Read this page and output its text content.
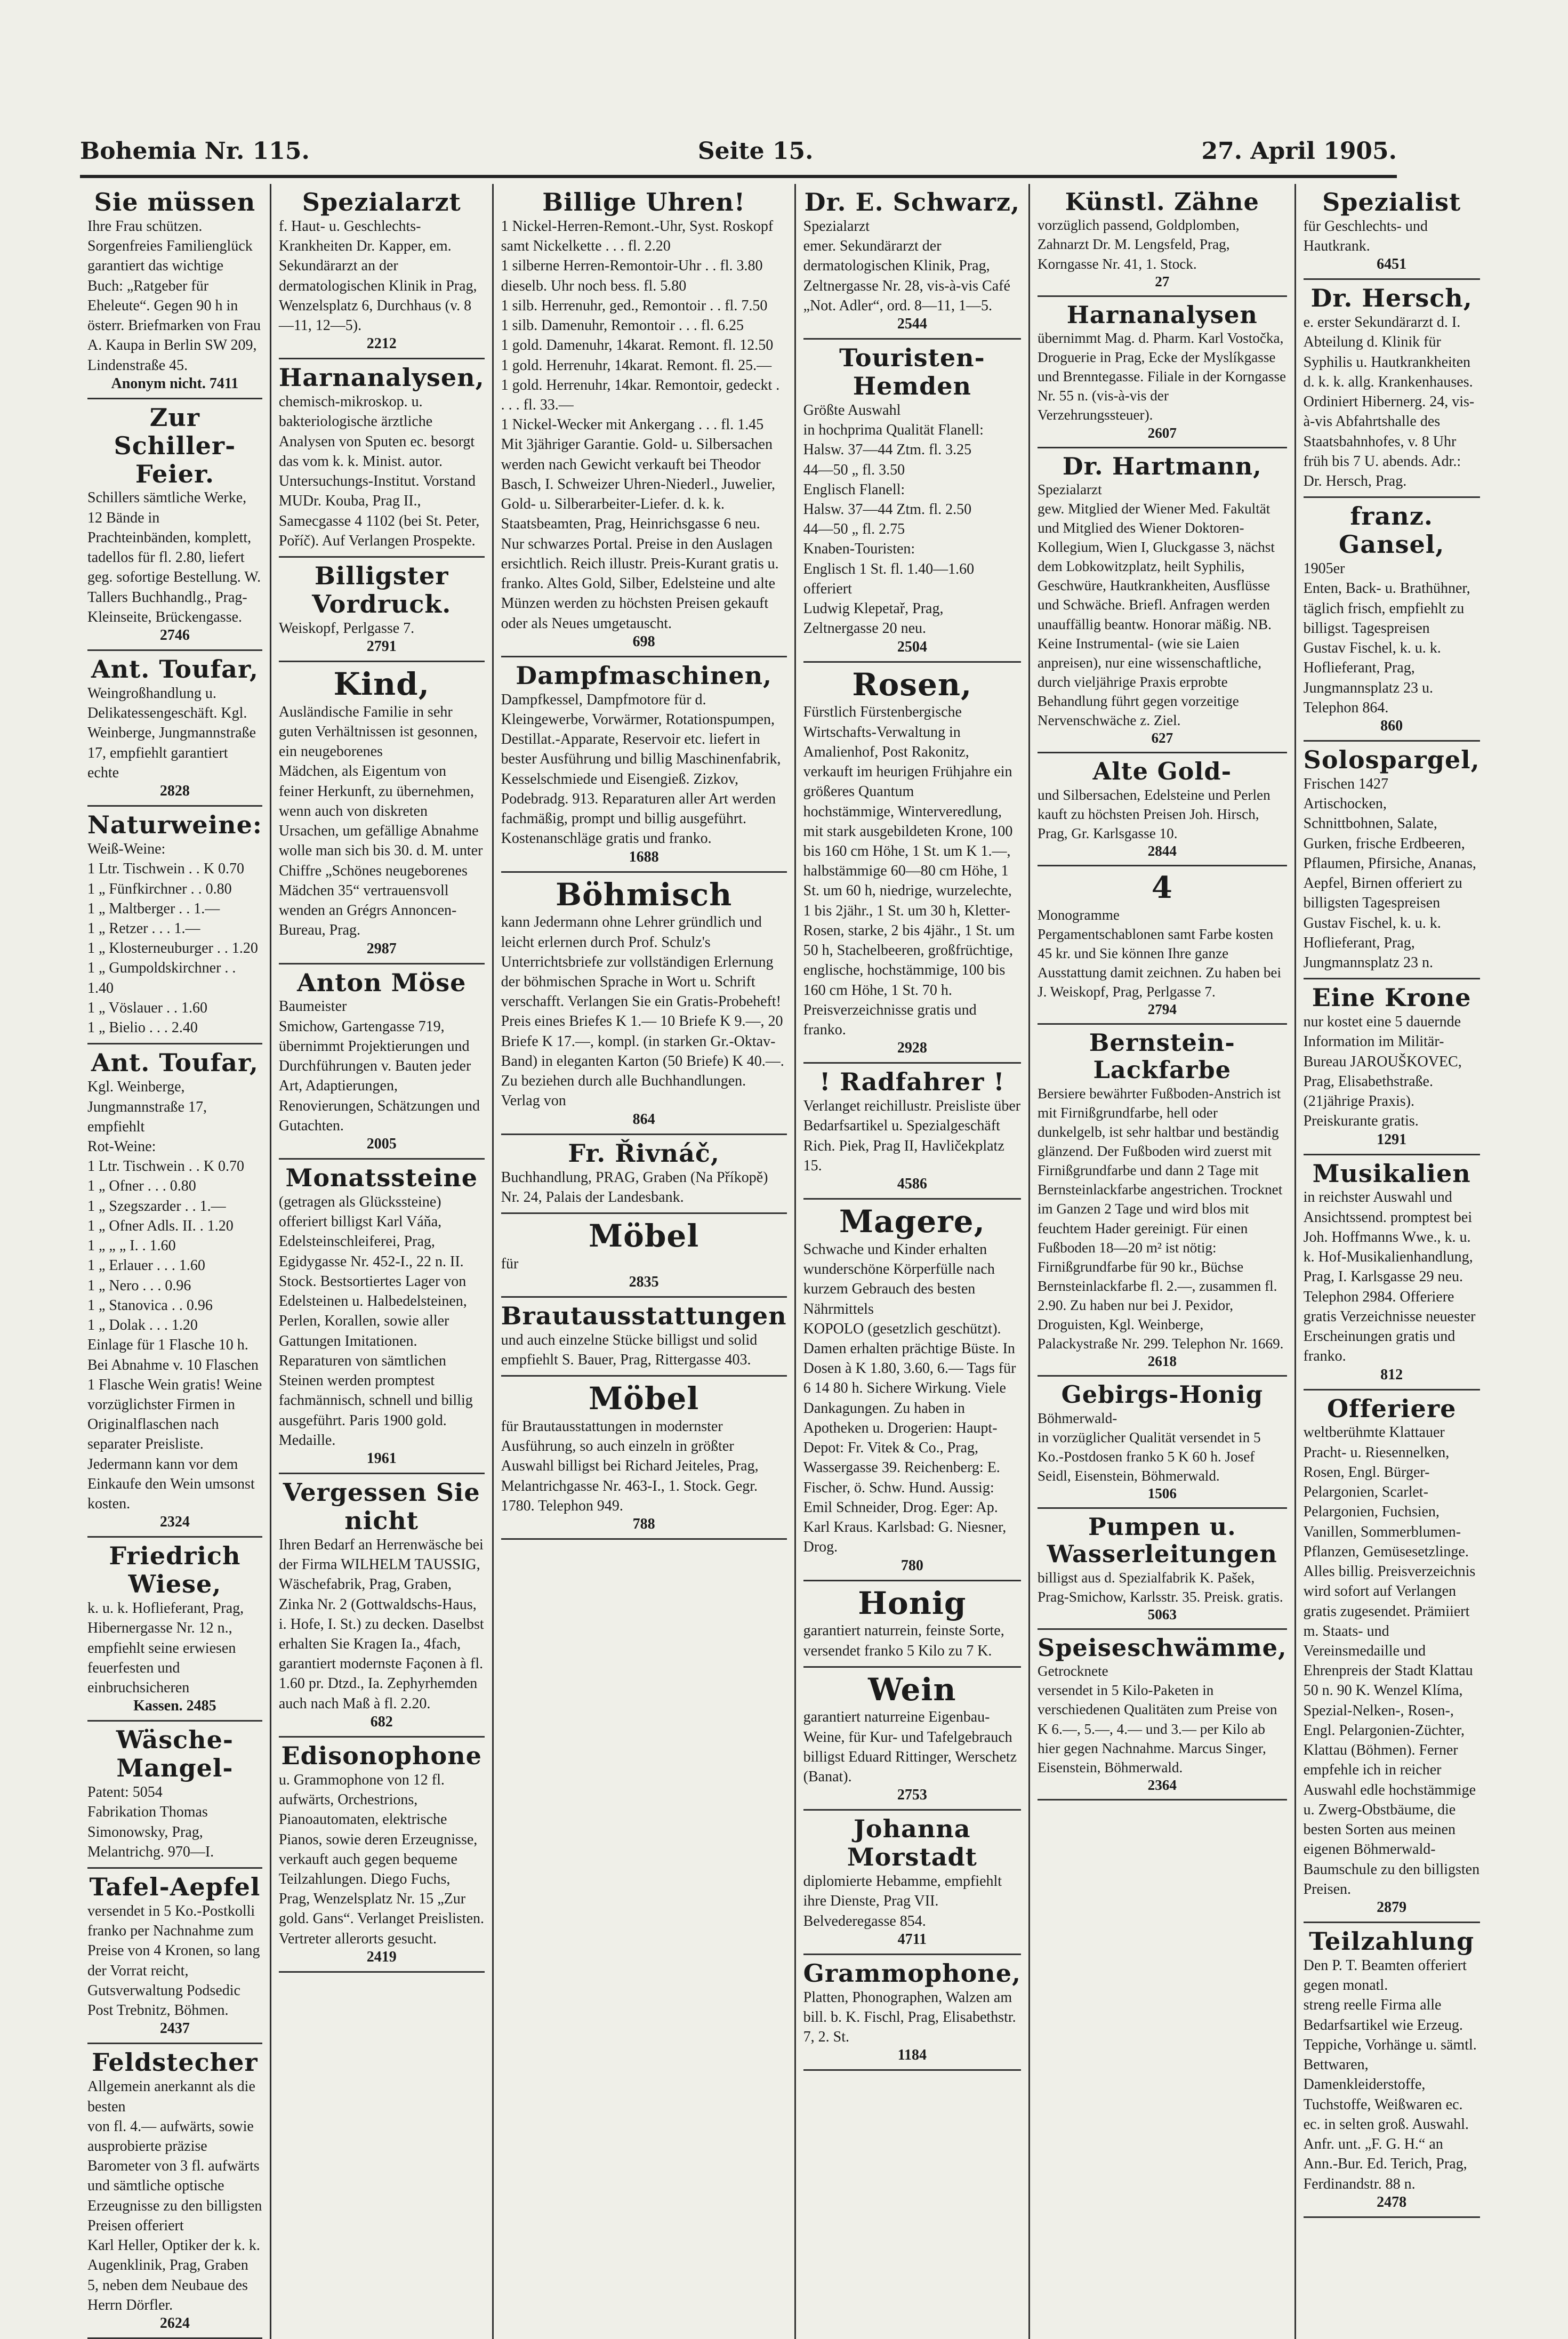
Bohemia Nr. 115.	Seite 15.	27. April 1905.
Sie müssen
Ihre Frau schützen. Sorgenfreies Familienglück garantiert das wichtige Buch: „Ratgeber für Eheleute“. Gegen 90 h in österr. Briefmarken von Frau A. Kaupa in Berlin SW 209, Lindenstraße 45.
Anonym nicht. 7411
Zur Schiller-Feier.
Schillers sämtliche Werke, 12 Bände in Prachteinbänden, komplett, tadellos für fl. 2.80, liefert geg. sofortige Bestellung. W. Tallers Buchhandlg., Prag-Kleinseite, Brückengasse.
2746
Ant. Toufar,
Weingroßhandlung u. Delikatessengeschäft. Kgl. Weinberge, Jungmannstraße 17, empfiehlt garantiert echte
2828
Naturweine:
Weiß-Weine:
1 Ltr. Tischwein . . K 0.70
1 „ Fünfkirchner . . 0.80
1 „ Maltberger . . 1.—
1 „ Retzer . . . 1.—
1 „ Klosterneuburger . . 1.20
1 „ Gumpoldskirchner . . 1.40
1 „ Vöslauer . . 1.60
1 „ Bielio . . . 2.40
Ant. Toufar,
Kgl. Weinberge, Jungmannstraße 17, empfiehlt
Rot-Weine:
1 Ltr. Tischwein . . K 0.70
1 „ Ofner . . . 0.80
1 „ Szegszarder . . 1.—
1 „ Ofner Adls. II. . 1.20
1 „ „ „ I. . 1.60
1 „ Erlauer . . . 1.60
1 „ Nero . . . 0.96
1 „ Stanovica . . 0.96
1 „ Dolak . . . 1.20
Einlage für 1 Flasche 10 h. Bei Abnahme v. 10 Flaschen 1 Flasche Wein gratis! Weine vorzüglichster Firmen in Originalflaschen nach separater Preisliste. Jedermann kann vor dem Einkaufe den Wein umsonst kosten.
2324
Friedrich Wiese,
k. u. k. Hoflieferant, Prag, Hibernergasse Nr. 12 n., empfiehlt seine erwiesen feuerfesten und einbruchsicheren
Kassen. 2485
Wäsche-Mangel-
Patent: 5054
Fabrikation Thomas Simonowsky, Prag, Melantrichg. 970—I.
Tafel-Aepfel
versendet in 5 Ko.-Postkolli franko per Nachnahme zum Preise von 4 Kronen, so lang der Vorrat reicht, Gutsverwaltung Podsedic Post Trebnitz, Böhmen.
2437
Feldstecher
Allgemein anerkannt als die besten
von fl. 4.— aufwärts, sowie ausprobierte präzise Barometer von 3 fl. aufwärts und sämtliche optische Erzeugnisse zu den billigsten Preisen offeriert
Karl Heller, Optiker der k. k. Augenklinik, Prag, Graben 5, neben dem Neubaue des Herrn Dörfler.
2624
Spezialarzt
f. Haut- u. Geschlechts-Krankheiten Dr. Kapper, em. Sekundärarzt an der dermatologischen Klinik in Prag, Wenzelsplatz 6, Durchhaus (v. 8—11, 12—5).
2212
Harnanalysen,
chemisch-mikroskop. u. bakteriologische ärztliche Analysen von Sputen ec. besorgt das vom k. k. Minist. autor. Untersuchungs-Institut. Vorstand MUDr. Kouba, Prag II., Samecgasse 4 1102 (bei St. Peter, Poříč). Auf Verlangen Prospekte.
Billigster Vordruck.
Weiskopf, Perlgasse 7.
2791
Kind,
Ausländische Familie in sehr guten Verhältnissen ist gesonnen, ein neugeborenes
Mädchen, als Eigentum von feiner Herkunft, zu übernehmen, wenn auch von diskreten Ursachen, um gefällige Abnahme wolle man sich bis 30. d. M. unter Chiffre „Schönes neugeborenes Mädchen 35“ vertrauensvoll wenden an Grégrs Annoncen-Bureau, Prag.
2987
Anton Möse
Baumeister
Smichow, Gartengasse 719, übernimmt Projektierungen und Durchführungen v. Bauten jeder Art, Adaptierungen, Renovierungen, Schätzungen und Gutachten.
2005
Monatssteine
(getragen als Glückssteine) offeriert billigst Karl Váňa, Edelsteinschleiferei, Prag, Egidygasse Nr. 452-I., 22 n. II. Stock. Bestsortiertes Lager von Edelsteinen u. Halbedelsteinen, Perlen, Korallen, sowie aller Gattungen Imitationen. Reparaturen von sämtlichen Steinen werden promptest fachmännisch, schnell und billig ausgeführt. Paris 1900 gold. Medaille.
1961
Vergessen Sie nicht
Ihren Bedarf an Herrenwäsche bei der Firma WILHELM TAUSSIG, Wäschefabrik, Prag, Graben, Zinka Nr. 2 (Gottwaldschs-Haus, i. Hofe, I. St.) zu decken. Daselbst erhalten Sie Kragen Ia., 4fach, garantiert modernste Façonen à fl. 1.60 pr. Dtzd., Ia. Zephyrhemden auch nach Maß à fl. 2.20.
682
Edisonophone
u. Grammophone von 12 fl. aufwärts, Orchestrions, Pianoautomaten, elektrische Pianos, sowie deren Erzeugnisse, verkauft auch gegen bequeme Teilzahlungen. Diego Fuchs, Prag, Wenzelsplatz Nr. 15 „Zur gold. Gans“. Verlanget Preislisten. Vertreter allerorts gesucht.
2419
Billige Uhren!
1 Nickel-Herren-Remont.-Uhr, Syst. Roskopf samt Nickelkette . . . fl. 2.20
1 silberne Herren-Remontoir-Uhr . . fl. 3.80
dieselb. Uhr noch bess. fl. 5.80
1 silb. Herrenuhr, ged., Remontoir . . fl. 7.50
1 silb. Damenuhr, Remontoir . . . fl. 6.25
1 gold. Damenuhr, 14karat. Remont. fl. 12.50
1 gold. Herrenuhr, 14karat. Remont. fl. 25.—
1 gold. Herrenuhr, 14kar. Remontoir, gedeckt . . . . fl. 33.—
1 Nickel-Wecker mit Ankergang . . . fl. 1.45
Mit 3jähriger Garantie. Gold- u. Silbersachen werden nach Gewicht verkauft bei Theodor Basch, I. Schweizer Uhren-Niederl., Juwelier, Gold- u. Silberarbeiter-Liefer. d. k. k. Staatsbeamten, Prag, Heinrichsgasse 6 neu. Nur schwarzes Portal. Preise in den Auslagen ersichtlich. Reich illustr. Preis-Kurant gratis u. franko. Altes Gold, Silber, Edelsteine und alte Münzen werden zu höchsten Preisen gekauft oder als Neues umgetauscht.
698
Dampfmaschinen,
Dampfkessel, Dampfmotore für d. Kleingewerbe, Vorwärmer, Rotationspumpen, Destillat.-Apparate, Reservoir etc. liefert in bester Ausführung und billig Maschinenfabrik, Kesselschmiede und Eisengieß. Zizkov, Podebradg. 913. Reparaturen aller Art werden fachmäßig, prompt und billig ausgeführt. Kostenanschläge gratis und franko.
1688
Böhmisch
kann Jedermann ohne Lehrer gründlich und leicht erlernen durch Prof. Schulz's Unterrichtsbriefe zur vollständigen Erlernung der böhmischen Sprache in Wort u. Schrift verschafft. Verlangen Sie ein Gratis-Probeheft! Preis eines Briefes K 1.— 10 Briefe K 9.—, 20 Briefe K 17.—, kompl. (in starken Gr.-Oktav-Band) in eleganten Karton (50 Briefe) K 40.—. Zu beziehen durch alle Buchhandlungen.
Verlag von
864
Fr. Řivnáč,
Buchhandlung, PRAG, Graben (Na Příkopě) Nr. 24, Palais der Landesbank.
Möbel
für
2835
Brautausstattungen
und auch einzelne Stücke billigst und solid empfiehlt S. Bauer, Prag, Rittergasse 403.
Möbel
für Brautausstattungen in modernster Ausführung, so auch einzeln in größter Auswahl billigst bei Richard Jeiteles, Prag, Melantrichgasse Nr. 463-I., 1. Stock. Gegr. 1780. Telephon 949.
788
Dr. E. Schwarz,
Spezialarzt
emer. Sekundärarzt der dermatologischen Klinik, Prag, Zeltnergasse Nr. 28, vis-à-vis Café „Not. Adler“, ord. 8—11, 1—5.
2544
Touristen-Hemden
Größte Auswahl
in hochprima Qualität Flanell:
Halsw. 37—44 Ztm. fl. 3.25
44—50 „ fl. 3.50
Englisch Flanell:
Halsw. 37—44 Ztm. fl. 2.50
44—50 „ fl. 2.75
Knaben-Touristen:
Englisch 1 St. fl. 1.40—1.60 offeriert
Ludwig Klepetař, Prag, Zeltnergasse 20 neu.
2504
Rosen,
Fürstlich Fürstenbergische Wirtschafts-Verwaltung in Amalienhof, Post Rakonitz, verkauft im heurigen Frühjahre ein größeres Quantum
hochstämmige, Winterveredlung, mit stark ausgebildeten Krone, 100 bis 160 cm Höhe, 1 St. um K 1.—, halbstämmige 60—80 cm Höhe, 1 St. um 60 h, niedrige, wurzelechte, 1 bis 2jähr., 1 St. um 30 h, Kletter-Rosen, starke, 2 bis 4jähr., 1 St. um 50 h, Stachelbeeren, großfrüchtige, englische, hochstämmige, 100 bis 160 cm Höhe, 1 St. 70 h. Preisverzeichnisse gratis und franko.
2928
! Radfahrer !
Verlanget reichillustr. Preisliste über Bedarfsartikel u. Spezialgeschäft Rich. Piek, Prag II, Havličekplatz 15.
4586
Magere,
Schwache und Kinder erhalten wunderschöne Körperfülle nach kurzem Gebrauch des besten Nährmittels
KOPOLO (gesetzlich geschützt). Damen erhalten prächtige Büste. In Dosen à K 1.80, 3.60, 6.— Tags für 6 14 80 h. Sichere Wirkung. Viele Dankagungen. Zu haben in Apotheken u. Drogerien: Haupt-Depot: Fr. Vitek & Co., Prag, Wassergasse 39. Reichenberg: E. Fischer, ö. Schw. Hund. Aussig: Emil Schneider, Drog. Eger: Ap. Karl Kraus. Karlsbad: G. Niesner, Drog.
780
Honig
garantiert naturrein, feinste Sorte, versendet franko 5 Kilo zu 7 K.
Wein
garantiert naturreine Eigenbau-Weine, für Kur- und Tafelgebrauch billigst Eduard Rittinger, Werschetz (Banat).
2753
Johanna Morstadt
diplomierte Hebamme, empfiehlt ihre Dienste, Prag VII. Belvederegasse 854.
4711
Grammophone,
Platten, Phonographen, Walzen am bill. b. K. Fischl, Prag, Elisabethstr. 7, 2. St.
1184
Künstl. Zähne
vorzüglich passend, Goldplomben, Zahnarzt Dr. M. Lengsfeld, Prag, Korngasse Nr. 41, 1. Stock.
27
Harnanalysen
übernimmt Mag. d. Pharm. Karl Vostočka, Droguerie in Prag, Ecke der Myslíkgasse und Brenntegasse. Filiale in der Korngasse Nr. 55 n. (vis-à-vis der Verzehrungssteuer).
2607
Dr. Hartmann,
Spezialarzt
gew. Mitglied der Wiener Med. Fakultät und Mitglied des Wiener Doktoren-Kollegium, Wien I, Gluckgasse 3, nächst dem Lobkowitzplatz, heilt Syphilis, Geschwüre, Hautkrankheiten, Ausflüsse und Schwäche. Briefl. Anfragen werden unauffällig beantw. Honorar mäßig. NB. Keine Instrumental- (wie sie Laien anpreisen), nur eine wissenschaftliche, durch vieljährige Praxis erprobte Behandlung führt gegen vorzeitige Nervenschwäche z. Ziel.
627
Alte Gold-
und Silbersachen, Edelsteine und Perlen kauft zu höchsten Preisen Joh. Hirsch, Prag, Gr. Karlsgasse 10.
2844
4
Monogramme
Pergamentschablonen samt Farbe kosten 45 kr. und Sie können Ihre ganze Ausstattung damit zeichnen. Zu haben bei J. Weiskopf, Prag, Perlgasse 7.
2794
Bernstein-Lackfarbe
Bersiere bewährter Fußboden-Anstrich ist
mit Firnißgrundfarbe, hell oder dunkelgelb, ist sehr haltbar und beständig glänzend. Der Fußboden wird zuerst mit Firnißgrundfarbe und dann 2 Tage mit Bernsteinlackfarbe angestrichen. Trocknet im Ganzen 2 Tage und wird blos mit feuchtem Hader gereinigt. Für einen Fußboden 18—20 m² ist nötig: Firnißgrundfarbe für 90 kr., Büchse Bernsteinlackfarbe fl. 2.—, zusammen fl. 2.90. Zu haben nur bei J. Pexidor, Droguisten, Kgl. Weinberge, Palackystraße Nr. 299. Telephon Nr. 1669.
2618
Gebirgs-Honig
Böhmerwald-
in vorzüglicher Qualität versendet in 5 Ko.-Postdosen franko 5 K 60 h. Josef Seidl, Eisenstein, Böhmerwald.
1506
Pumpen u. Wasserleitungen
billigst aus d. Spezialfabrik K. Pašek, Prag-Smichow, Karlsstr. 35. Preisk. gratis.
5063
Speiseschwämme,
Getrocknete
versendet in 5 Kilo-Paketen in verschiedenen Qualitäten zum Preise von K 6.—, 5.—, 4.— und 3.— per Kilo ab hier gegen Nachnahme. Marcus Singer, Eisenstein, Böhmerwald.
2364
Spezialist
für Geschlechts- und Hautkrank.
6451
Dr. Hersch,
e. erster Sekundärarzt d. I. Abteilung d. Klinik für Syphilis u. Hautkrankheiten d. k. k. allg. Krankenhauses. Ordiniert Hibernerg. 24, vis-à-vis Abfahrtshalle des Staatsbahnhofes, v. 8 Uhr früh bis 7 U. abends. Adr.: Dr. Hersch, Prag.
franz. Gansel,
1905er
Enten, Back- u. Brathühner, täglich frisch, empfiehlt zu billigst. Tagespreisen
Gustav Fischel, k. u. k. Hoflieferant, Prag, Jungmannsplatz 23 u. Telephon 864.
860
Solospargel,
Frischen 1427
Artischocken, Schnittbohnen, Salate, Gurken, frische Erdbeeren, Pflaumen, Pfirsiche, Ananas, Aepfel, Birnen offeriert zu billigsten Tagespreisen
Gustav Fischel, k. u. k. Hoflieferant, Prag, Jungmannsplatz 23 n.
Eine Krone
nur kostet eine 5 dauernde Information im Militär-Bureau JAROUŠKOVEC, Prag, Elisabethstraße. (21jährige Praxis). Preiskurante gratis.
1291
Musikalien
in reichster Auswahl und Ansichtssend. promptest bei Joh. Hoffmanns Wwe., k. u. k. Hof-Musikalienhandlung, Prag, I. Karlsgasse 29 neu. Telephon 2984. Offeriere gratis Verzeichnisse neuester Erscheinungen gratis und franko.
812
Offeriere
weltberühmte Klattauer Pracht- u. Riesennelken, Rosen, Engl. Bürger-Pelargonien, Scarlet-Pelargonien, Fuchsien, Vanillen, Sommerblumen-Pflanzen, Gemüsesetzlinge. Alles billig. Preisverzeichnis wird sofort auf Verlangen gratis zugesendet. Prämiiert m. Staats- und Vereinsmedaille und Ehrenpreis der Stadt Klattau 50 n. 90 K. Wenzel Klíma, Spezial-Nelken-, Rosen-, Engl. Pelargonien-Züchter, Klattau (Böhmen). Ferner empfehle ich in reicher Auswahl edle hochstämmige u. Zwerg-Obstbäume, die besten Sorten aus meinen eigenen Böhmerwald-Baumschule zu den billigsten Preisen.
2879
Teilzahlung
Den P. T. Beamten offeriert gegen monatl.
streng reelle Firma alle Bedarfsartikel wie Erzeug. Teppiche, Vorhänge u. sämtl. Bettwaren, Damenkleiderstoffe, Tuchstoffe, Weißwaren ec. ec. in selten groß. Auswahl. Anfr. unt. „F. G. H.“ an Ann.-Bur. Ed. Terich, Prag, Ferdinandstr. 88 n.
2478
